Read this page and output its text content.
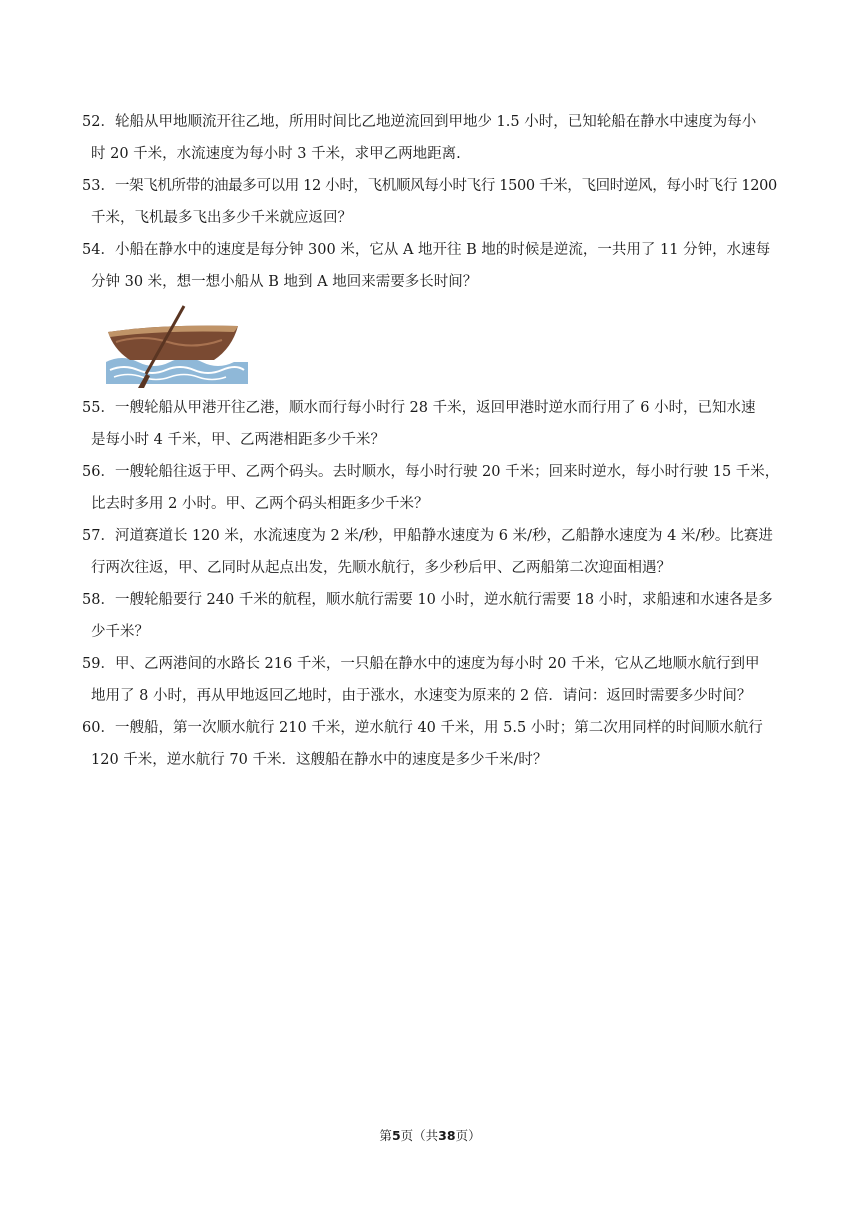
52．轮船从甲地顺流开往乙地，所用时间比乙地逆流回到甲地少 1.5 小时，已知轮船在静水中速度为每小
时 20 千米，水流速度为每小时 3 千米，求甲乙两地距离.

53．一架飞机所带的油最多可以用 12 小时，飞机顺风每小时飞行 1500 千米，飞回时逆风，每小时飞行 1200
千米，飞机最多飞出多少千米就应返回？

54．小船在静水中的速度是每分钟 300 米，它从 A 地开往 B 地的时候是逆流，一共用了 11 分钟，水速每
分钟 30 米，想一想小船从 B 地到 A 地回来需要多长时间？

55．一艘轮船从甲港开往乙港，顺水而行每小时行 28 千米，返回甲港时逆水而行用了 6 小时，已知水速
是每小时 4 千米，甲、乙两港相距多少千米？

56．一艘轮船往返于甲、乙两个码头。去时顺水，每小时行驶 20 千米；回来时逆水，每小时行驶 15 千米，
比去时多用 2 小时。甲、乙两个码头相距多少千米？

57．河道赛道长 120 米，水流速度为 2 米/秒，甲船静水速度为 6 米/秒，乙船静水速度为 4 米/秒。比赛进
行两次往返，甲、乙同时从起点出发，先顺水航行，多少秒后甲、乙两船第二次迎面相遇？

58．一艘轮船要行 240 千米的航程，顺水航行需要 10 小时，逆水航行需要 18 小时，求船速和水速各是多
少千米？

59．甲、乙两港间的水路长 216 千米，一只船在静水中的速度为每小时 20 千米，它从乙地顺水航行到甲
地用了 8 小时，再从甲地返回乙地时，由于涨水，水速变为原来的 2 倍．请问：返回时需要多少时间？

60．一艘船，第一次顺水航行 210 千米，逆水航行 40 千米，用 5.5 小时；第二次用同样的时间顺水航行
120 千米，逆水航行 70 千米．这艘船在静水中的速度是多少千米/时？

第5页（共38页）
